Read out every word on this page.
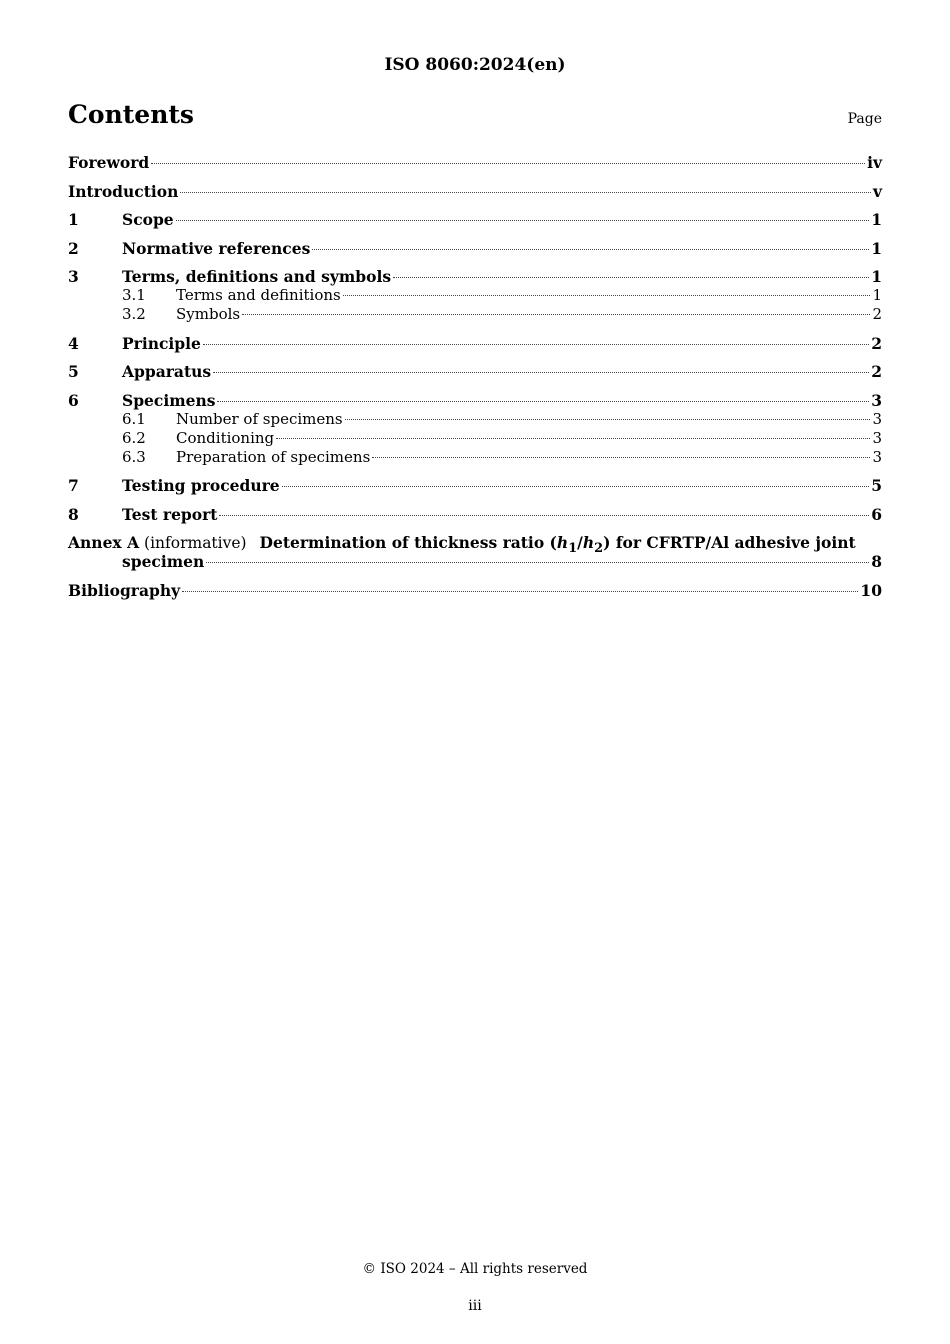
ISO 8060:2024(en)
Contents	Page
Foreword	iv
Introduction	v
1	Scope	1
2	Normative references	1
3	Terms, definitions and symbols	1
3.1	Terms and definitions	1
3.2	Symbols	2
4	Principle	2
5	Apparatus	2
6	Specimens	3
6.1	Number of specimens	3
6.2	Conditioning	3
6.3	Preparation of specimens	3
7	Testing procedure	5
8	Test report	6
Annex A (informative) Determination of thickness ratio $(h_1/h_2)$ for CFRTP/Al adhesive joint
specimen	8
Bibliography	10
© ISO 2024 – All rights reserved
iii
